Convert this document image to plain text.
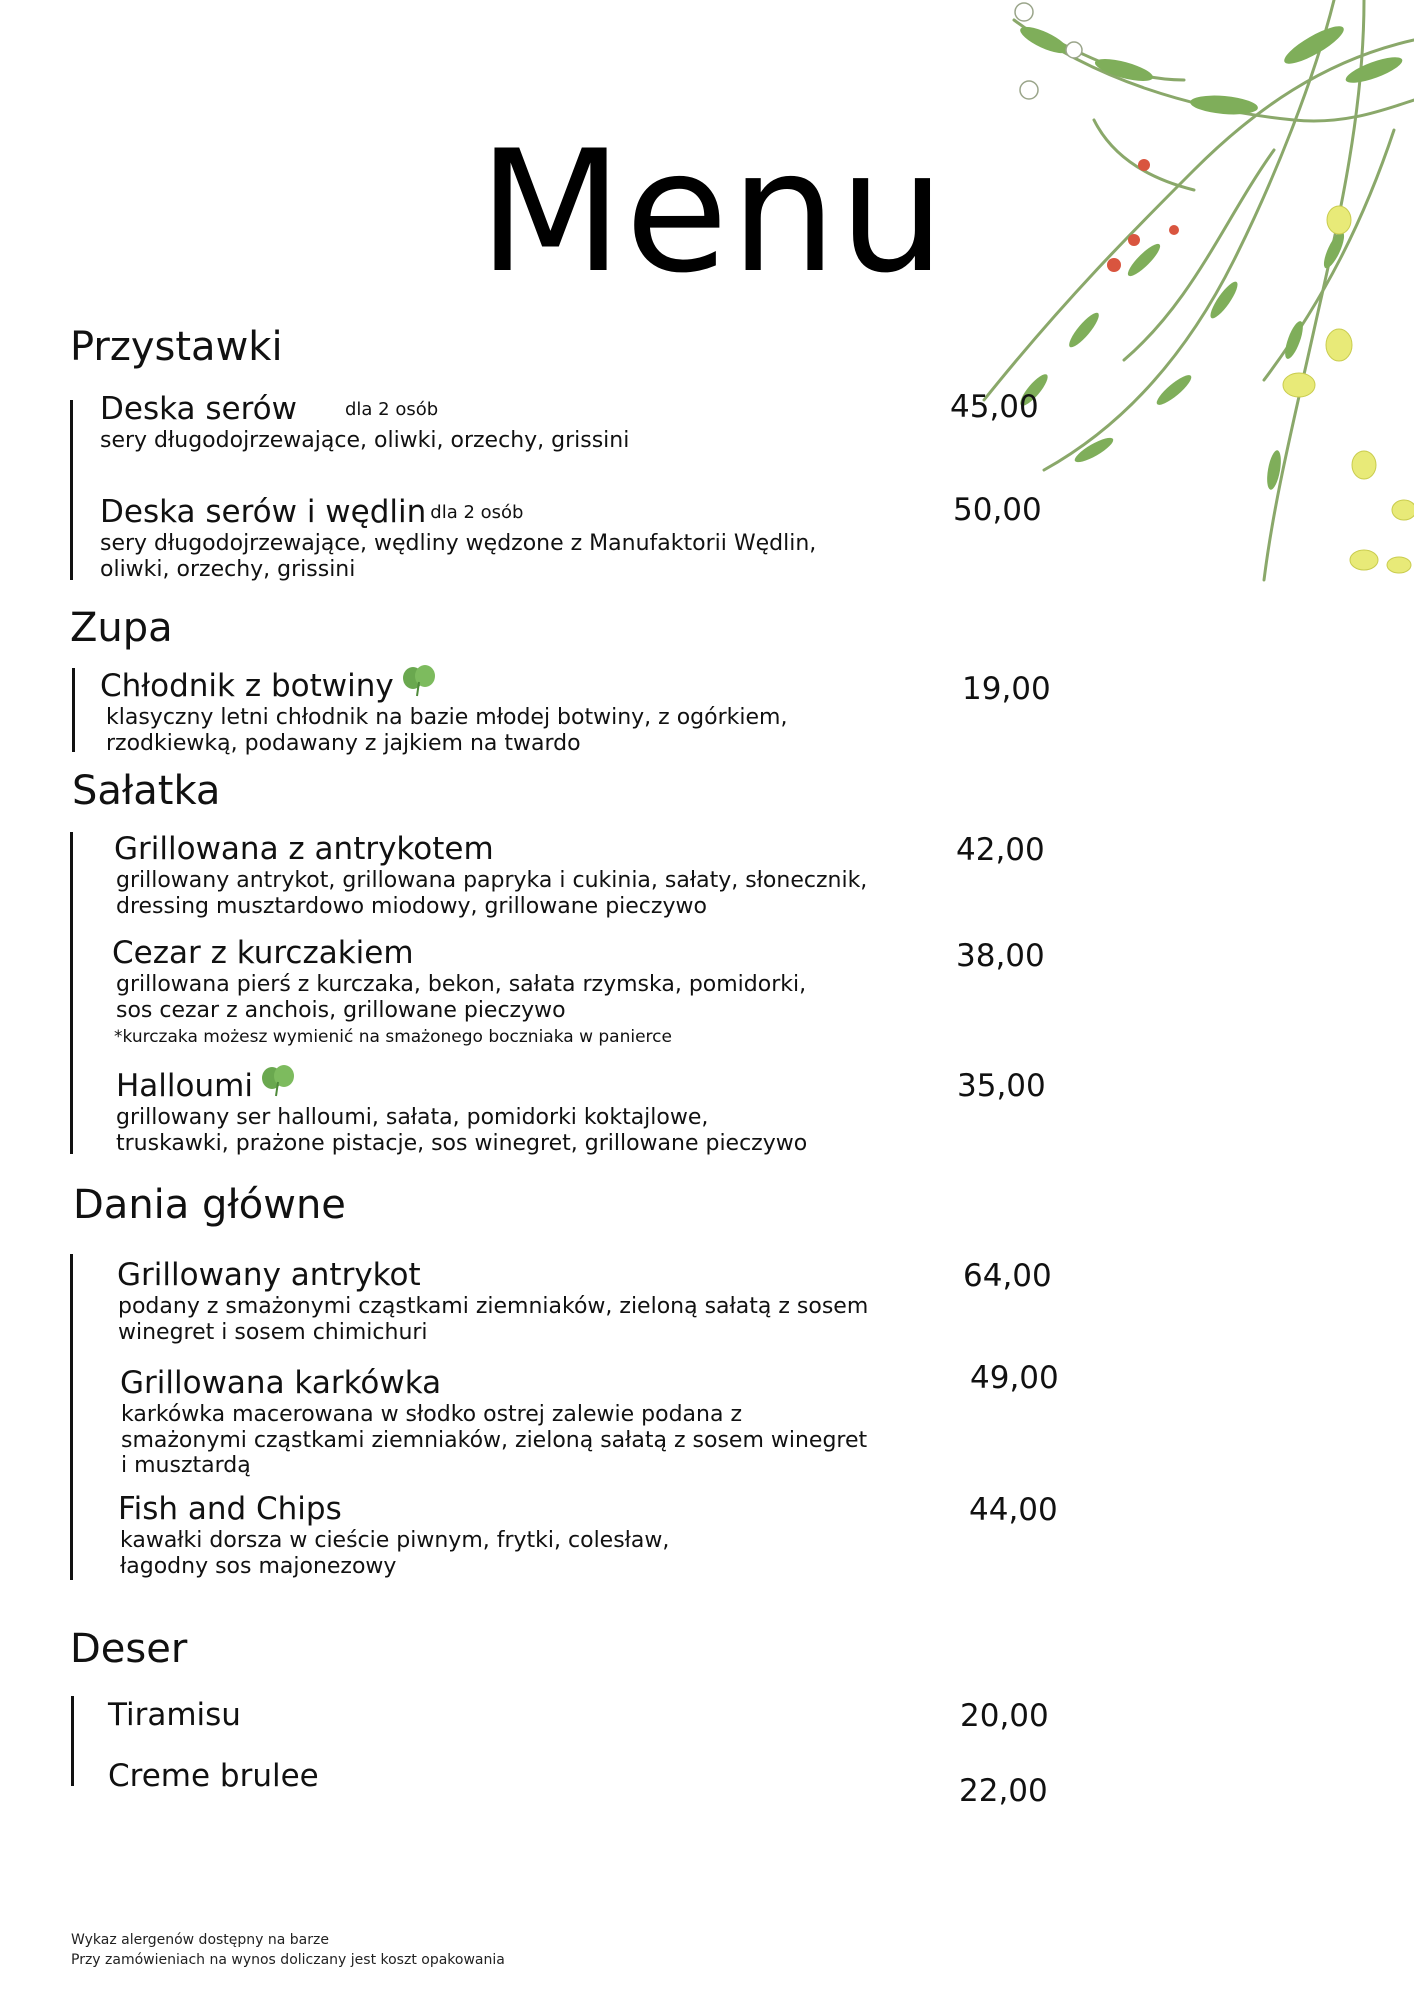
Menu
Przystawki
Deska serów	dla 2 osób
sery długodojrzewające, oliwki, orzechy, grissini
45,00
Deska serów i wędlin dla 2 osób
sery długodojrzewające, wędliny wędzone z Manufaktorii Wędlin,
oliwki, orzechy, grissini
50,00
Zupa
Chłodnik z botwiny
klasyczny letni chłodnik na bazie młodej botwiny, z ogórkiem,
rzodkiewką, podawany z jajkiem na twardo
19,00
Sałatka
Grillowana z antrykotem
grillowany antrykot, grillowana papryka i cukinia, sałaty, słonecznik,
dressing musztardowo miodowy, grillowane pieczywo
42,00
Cezar z kurczakiem
grillowana pierś z kurczaka, bekon, sałata rzymska, pomidorki,
sos cezar z anchois, grillowane pieczywo
*kurczaka możesz wymienić na smażonego boczniaka w panierce
38,00
Halloumi
grillowany ser halloumi, sałata, pomidorki koktajlowe,
truskawki, prażone pistacje, sos winegret, grillowane pieczywo
35,00
Dania główne
Grillowany antrykot
podany z smażonymi cząstkami ziemniaków, zieloną sałatą z sosem
winegret i sosem chimichuri
64,00
Grillowana karkówka
karkówka macerowana w słodko ostrej zalewie podana z
smażonymi cząstkami ziemniaków, zieloną sałatą z sosem winegret
i musztardą
49,00
Fish and Chips
kawałki dorsza w cieście piwnym, frytki, colesław,
łagodny sos majonezowy
44,00
Deser
Tiramisu	20,00
Creme brulee	22,00
Wykaz alergenów dostępny na barze
Przy zamówieniach na wynos doliczany jest koszt opakowania
